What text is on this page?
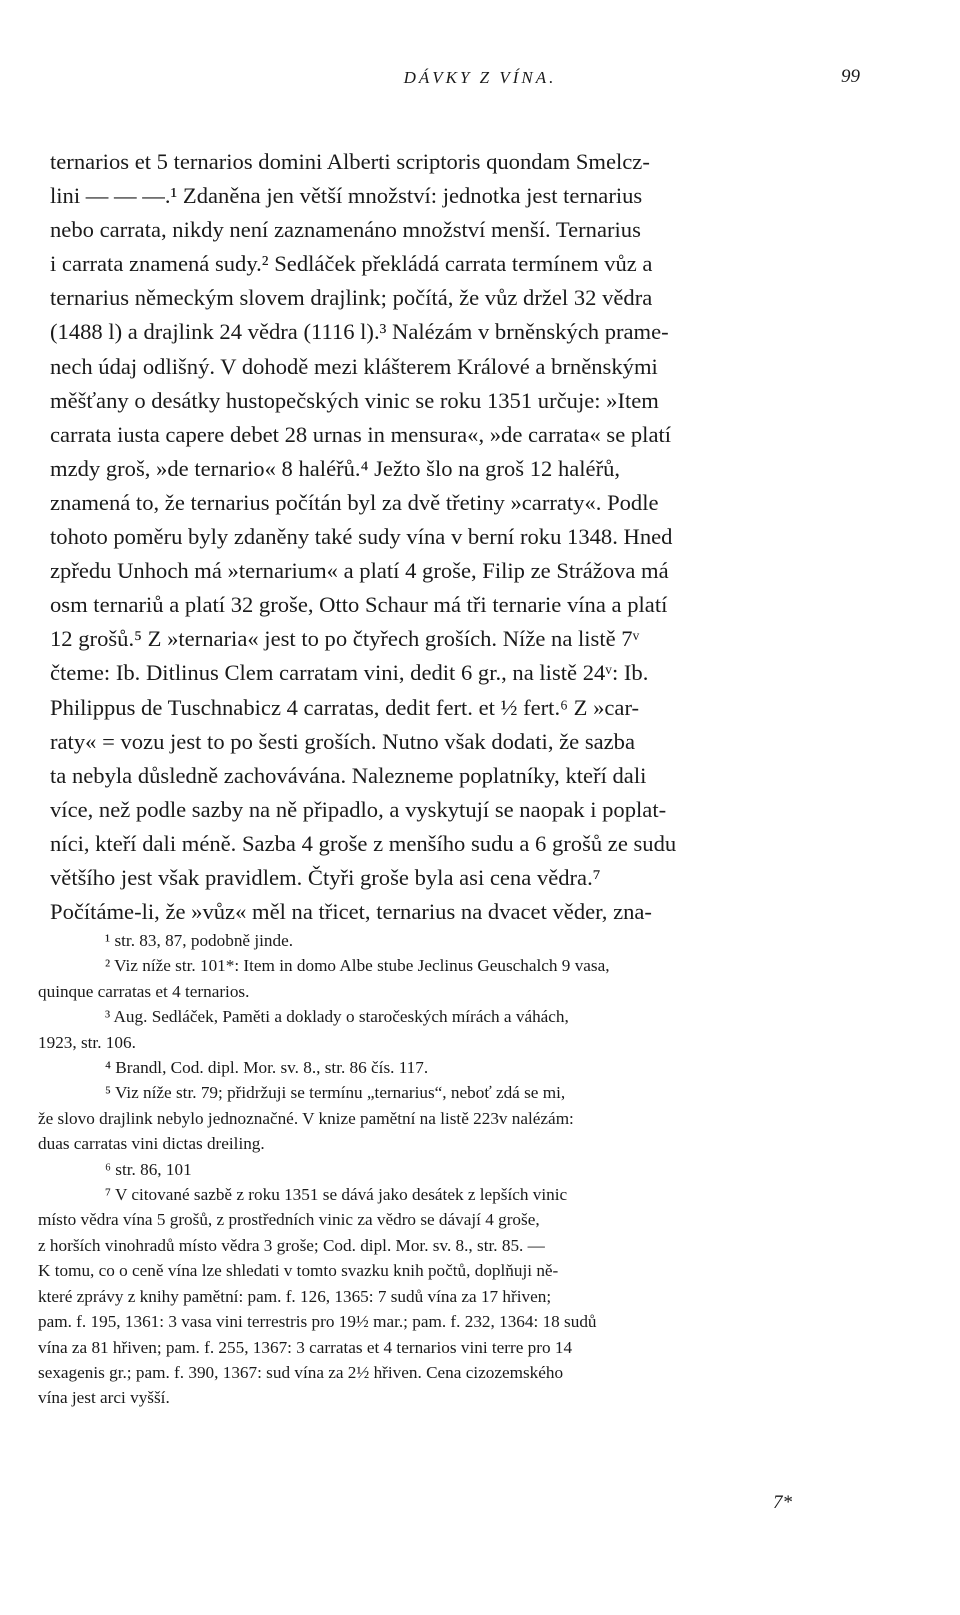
DÁVKY Z VÍNA.	99
ternarios et 5 ternarios domini Alberti scriptoris quondam Smelcz-
lini — — —.¹ Zdaněna jen větší množství: jednotka jest ternarius
nebo carrata, nikdy není zaznamenáno množství menší. Ternarius
i carrata znamená sudy.² Sedláček překládá carrata termínem vůz a
ternarius německým slovem drajlink; počítá, že vůz držel 32 vědra
(1488 l) a drajlink 24 vědra (1116 l).³ Nalézám v brněnských prame-
nech údaj odlišný. V dohodě mezi klášterem Králové a brněnskými
měšťany o desátky hustopečských vinic se roku 1351 určuje: »Item
carrata iusta capere debet 28 urnas in mensura«, »de carrata« se platí
mzdy groš, »de ternario« 8 haléřů.⁴ Ježto šlo na groš 12 haléřů,
znamená to, že ternarius počítán byl za dvě třetiny »carraty«. Podle
tohoto poměru byly zdaněny také sudy vína v berní roku 1348. Hned
zpředu Unhoch má »ternarium« a platí 4 groše, Filip ze Strážova má
osm ternariů a platí 32 groše, Otto Schaur má tři ternarie vína a platí
12 grošů.⁵ Z »ternaria« jest to po čtyřech groších. Níže na listě 7ᵛ
čteme: Ib. Ditlinus Clem carratam vini, dedit 6 gr., na listě 24ᵛ: Ib.
Philippus de Tuschnabicz 4 carratas, dedit fert. et ½ fert.⁶ Z »car-
raty« = vozu jest to po šesti groších. Nutno však dodati, že sazba
ta nebyla důsledně zachovávána. Nalezneme poplatníky, kteří dali
více, než podle sazby na ně připadlo, a vyskytují se naopak i poplat-
níci, kteří dali méně. Sazba 4 groše z menšího sudu a 6 grošů ze sudu
většího jest však pravidlem. Čtyři groše byla asi cena vědra.⁷
Počítáme-li, že »vůz« měl na třicet, ternarius na dvacet věder, zna-
¹ str. 83, 87, podobně jinde.
² Viz níže str. 101*: Item in domo Albe stube Jeclinus Geuschalch 9 vasa,
quinque carratas et 4 ternarios.
³ Aug. Sedláček, Paměti a doklady o staročeských mírách a váhách,
1923, str. 106.
⁴ Brandl, Cod. dipl. Mor. sv. 8., str. 86 čís. 117.
⁵ Viz níže str. 79; přidržuji se termínu „ternarius“, neboť zdá se mi,
že slovo drajlink nebylo jednoznačné. V knize pamětní na listě 223v nalézám:
duas carratas vini dictas dreiling.
⁶ str. 86, 101
⁷ V citované sazbě z roku 1351 se dává jako desátek z lepších vinic
místo vědra vína 5 grošů, z prostředních vinic za vědro se dávají 4 groše,
z horších vinohradů místo vědra 3 groše; Cod. dipl. Mor. sv. 8., str. 85. —
K tomu, co o ceně vína lze shledati v tomto svazku knih počtů, doplňuji ně-
které zprávy z knihy pamětní: pam. f. 126, 1365: 7 sudů vína za 17 hřiven;
pam. f. 195, 1361: 3 vasa vini terrestris pro 19½ mar.; pam. f. 232, 1364: 18 sudů
vína za 81 hřiven; pam. f. 255, 1367: 3 carratas et 4 ternarios vini terre pro 14
sexagenis gr.; pam. f. 390, 1367: sud vína za 2½ hřiven. Cena cizozemského
vína jest arci vyšší.
7*
